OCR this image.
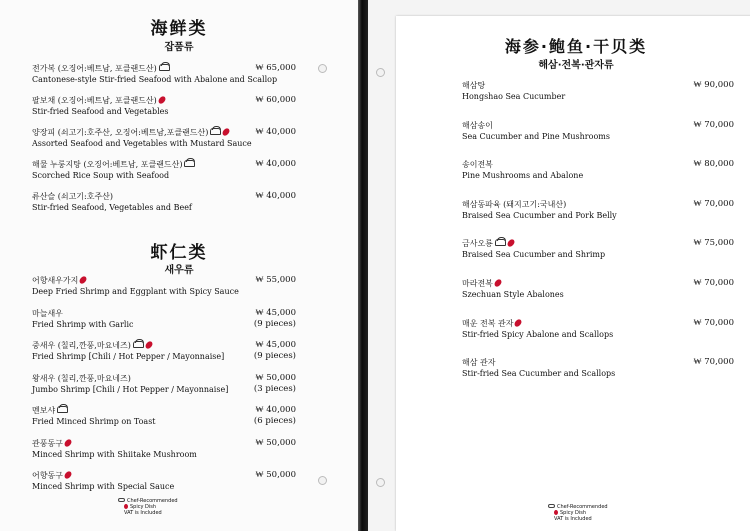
海鲜类
잡품류
전가복 (오징어:베트남, 포클랜드산)
Cantonese-style Stir-fried Seafood with Abalone and Scallop
₩ 65,000
팔보채 (오징어:베트남, 포클랜드산)
Stir-fried Seafood and Vegetables
₩ 60,000
양장피 (쇠고기:호주산, 오징어:베트남,포클랜드산)
Assorted Seafood and Vegetables with Mustard Sauce
₩ 40,000
해물 누룽지탕 (오징어:베트남, 포클랜드산)
Scorched Rice Soup with Seafood
₩ 40,000
류산슬 (쇠고기:호주산)
Stir-fried Seafood, Vegetables and Beef
₩ 40,000
虾仁类
새우류
어향새우가지
Deep Fried Shrimp and Eggplant with Spicy Sauce
₩ 55,000
마늘새우
Fried Shrimp with Garlic
₩ 45,000
(9 pieces)
중새우 (칠리,깐풍,마요네즈)
Fried Shrimp [Chili / Hot Pepper / Mayonnaise]
₩ 45,000
(9 pieces)
왕새우 (칠리,깐풍,마요네즈)
Jumbo Shrimp [Chili / Hot Pepper / Mayonnaise]
₩ 50,000
(3 pieces)
멘보샤
Fried Minced Shrimp on Toast
₩ 40,000
(6 pieces)
관풍동구
Minced Shrimp with Shiitake Mushroom
₩ 50,000
어향동구
Minced Shrimp with Special Sauce
₩ 50,000
Chef-Recommended
Spicy Dish
VAT is Included
海参·鲍鱼·干贝类
해삼·전복·관자류
해삼탕
Hongshao Sea Cucumber
₩ 90,000
해삼송이
Sea Cucumber and Pine Mushrooms
₩ 70,000
송이전복
Pine Mushrooms and Abalone
₩ 80,000
해삼동파육 (돼지고기:국내산)
Braised Sea Cucumber and Pork Belly
₩ 70,000
금사오룡
Braised Sea Cucumber and Shrimp
₩ 75,000
마라전복
Szechuan Style Abalones
₩ 70,000
매운 전복 관자
Stir-fried Spicy Abalone and Scallops
₩ 70,000
해삼 관자
Stir-fried Sea Cucumber and Scallops
₩ 70,000
Chef-Recommended
Spicy Dish
VAT is Included
